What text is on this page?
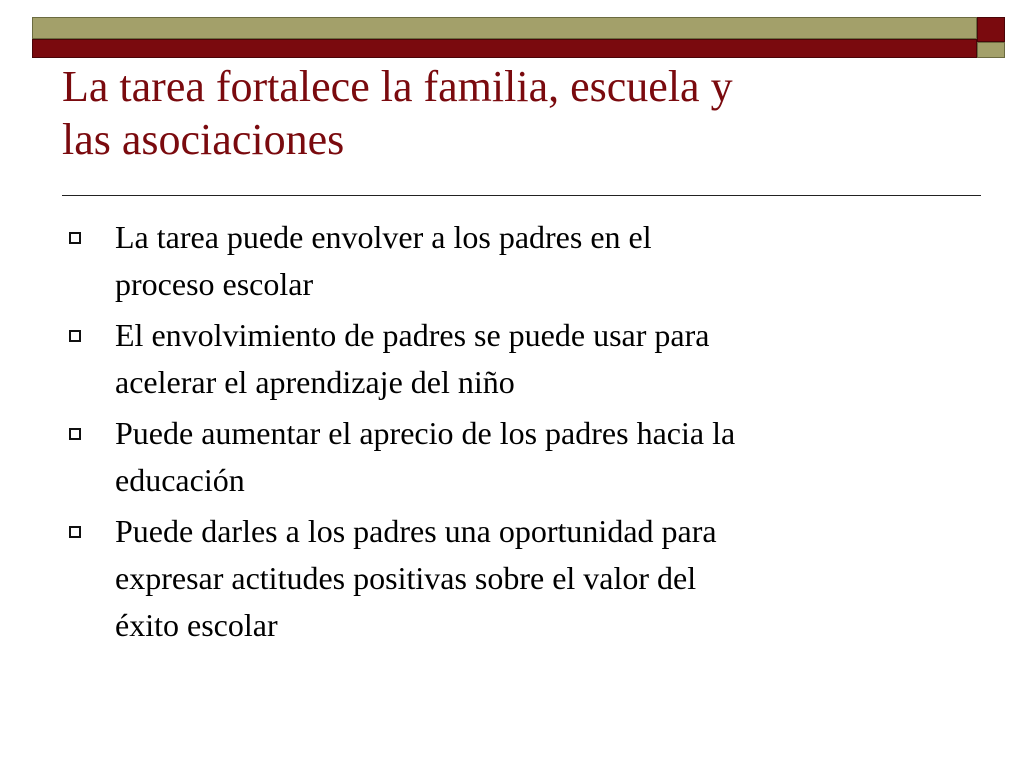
La tarea fortalece la familia, escuela y
las asociaciones
La tarea puede envolver a los padres en el
proceso escolar
El envolvimiento de padres se puede usar para
acelerar el aprendizaje del niño
Puede aumentar el aprecio de los padres hacia la
educación
Puede darles a los padres una oportunidad para
expresar actitudes positivas sobre el valor del
éxito escolar
